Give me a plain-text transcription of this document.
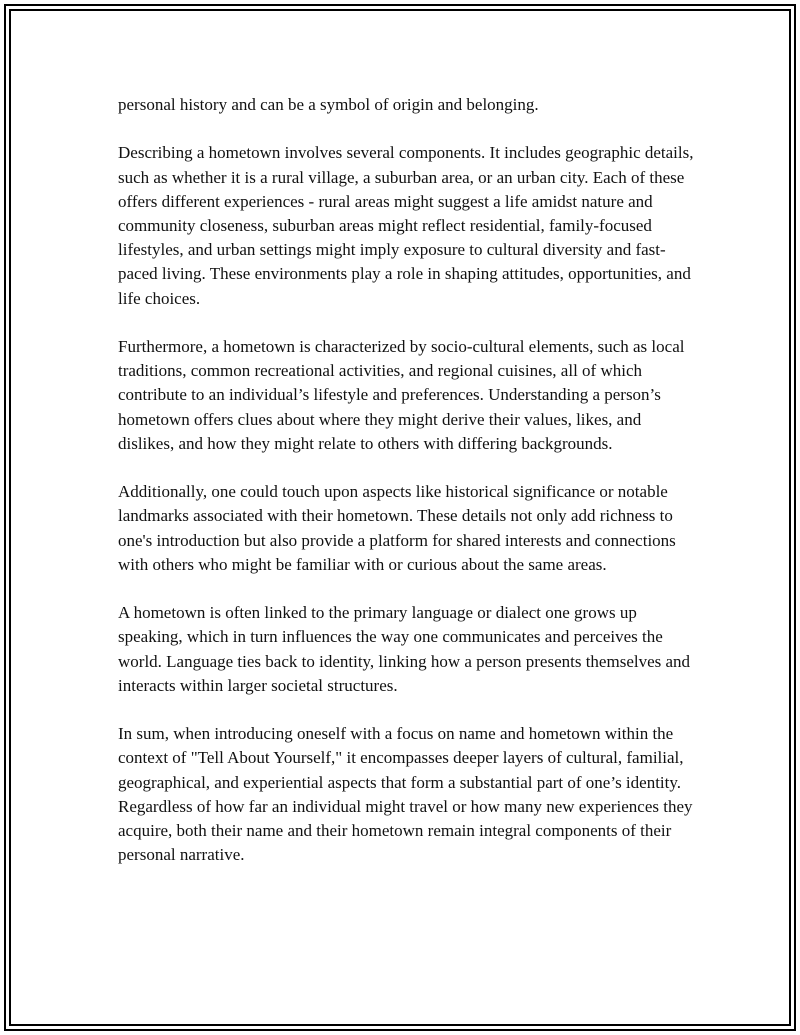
personal history and can be a symbol of origin and belonging.

Describing a hometown involves several components. It includes geographic details, such as whether it is a rural village, a suburban area, or an urban city. Each of these offers different experiences - rural areas might suggest a life amidst nature and community closeness, suburban areas might reflect residential, family-focused lifestyles, and urban settings might imply exposure to cultural diversity and fast-paced living. These environments play a role in shaping attitudes, opportunities, and life choices.

Furthermore, a hometown is characterized by socio-cultural elements, such as local traditions, common recreational activities, and regional cuisines, all of which contribute to an individual’s lifestyle and preferences. Understanding a person’s hometown offers clues about where they might derive their values, likes, and dislikes, and how they might relate to others with differing backgrounds.

Additionally, one could touch upon aspects like historical significance or notable landmarks associated with their hometown. These details not only add richness to one's introduction but also provide a platform for shared interests and connections with others who might be familiar with or curious about the same areas.

A hometown is often linked to the primary language or dialect one grows up speaking, which in turn influences the way one communicates and perceives the world. Language ties back to identity, linking how a person presents themselves and interacts within larger societal structures.

In sum, when introducing oneself with a focus on name and hometown within the context of "Tell About Yourself," it encompasses deeper layers of cultural, familial, geographical, and experiential aspects that form a substantial part of one’s identity. Regardless of how far an individual might travel or how many new experiences they acquire, both their name and their hometown remain integral components of their personal narrative.
